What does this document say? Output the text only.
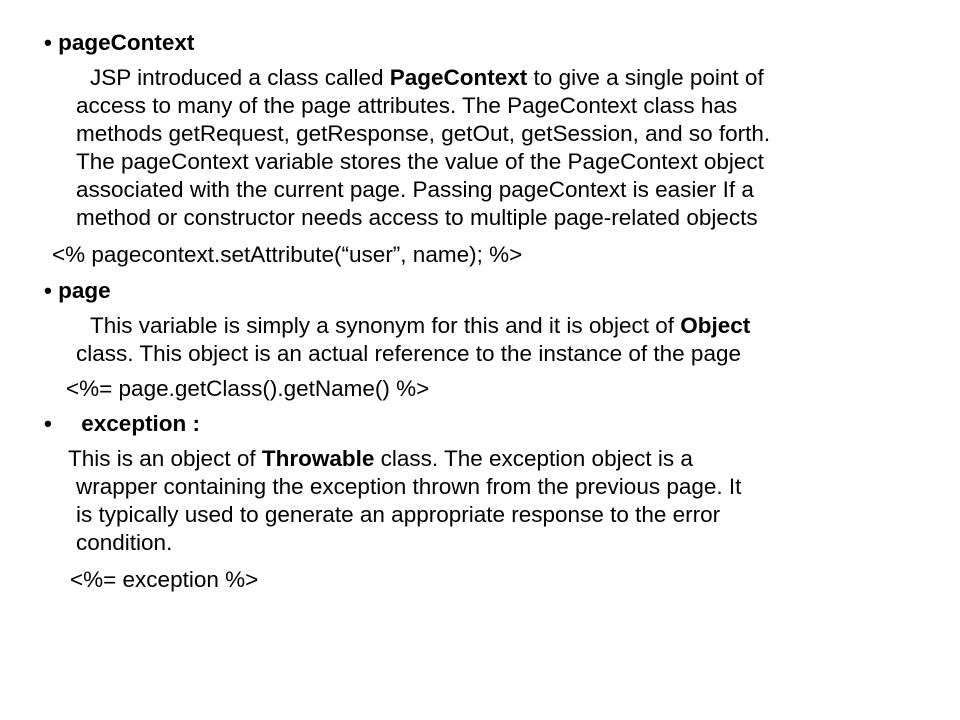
• pageContext
JSP introduced a class called PageContext to give a single point of
access to many of the page attributes. The PageContext class has
methods getRequest, getResponse, getOut, getSession, and so forth.
The pageContext variable stores the value of the PageContext object
associated with the current page. Passing pageContext is easier If a
method or constructor needs access to multiple page-related objects
<% pagecontext.setAttribute(“user”, name); %>
• page
This variable is simply a synonym for this and it is object of Object
class. This object is an actual reference to the instance of the page
<%= page.getClass().getName() %>
• exception :
This is an object of Throwable class. The exception object is a
wrapper containing the exception thrown from the previous page. It
is typically used to generate an appropriate response to the error
condition.
<%= exception %>
